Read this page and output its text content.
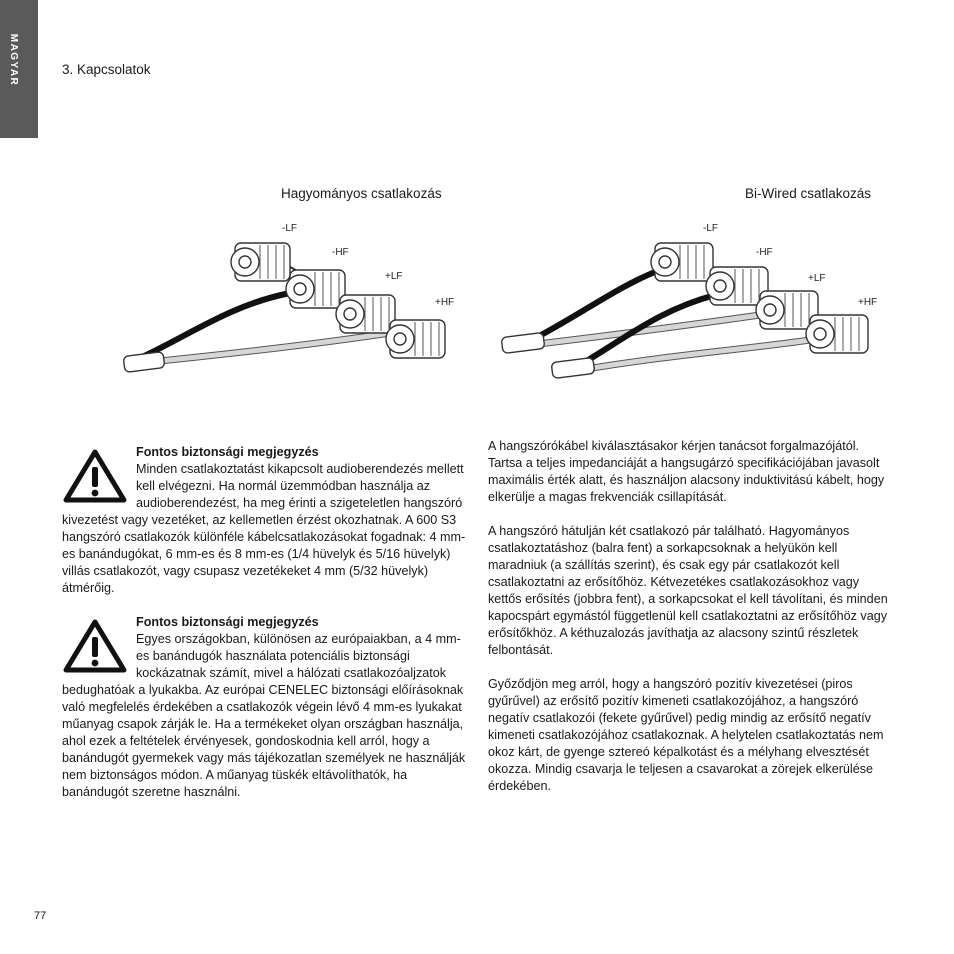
MAGYAR	3. Kapcsolatok
Hagyományos csatlakozás	Bi-Wired csatlakozás
-LF
-HF
+LF
+HF
-LF
-HF
+LF
+HF
Fontos biztonsági megjegyzés

Minden csatlakoztatást kikapcsolt audioberendezés mellett kell elvégezni. Ha normál üzemmódban használja az audioberendezést, ha meg érinti a szigeteletlen hangszóró kivezetést vagy vezetéket, az kellemetlen érzést okozhatnak. A 600 S3 hangszóró csatlakozók különféle kábelcsatlakozásokat fogadnak: 4 mm-es banándugókat, 6 mm-es és 8 mm-es (1/4 hüvelyk és 5/16 hüvelyk) villás csatlakozót, vagy csupasz vezetékeket 4 mm (5/32 hüvelyk) átmérőig.

Fontos biztonsági megjegyzés

Egyes országokban, különösen az európaiakban, a 4 mm-es banándugók használata potenciális biztonsági kockázatnak számít, mivel a hálózati csatlakozóaljzatok bedughatóak a lyukakba. Az európai CENELEC biztonsági előírásoknak való megfelelés érdekében a csatlakozók végein lévő 4 mm-es lyukakat műanyag csapok zárják le. Ha a termékeket olyan országban használja, ahol ezek a feltételek érvényesek, gondoskodnia kell arról, hogy a banándugót gyermekek vagy más tájékozatlan személyek ne használják nem biztonságos módon. A műanyag tüskék eltávolíthatók, ha banándugót szeretne használni.

A hangszórókábel kiválasztásakor kérjen tanácsot forgalmazójától. Tartsa a teljes impedanciáját a hangsugárzó specifikációjában javasolt maximális érték alatt, és használjon alacsony induktivitású kábelt, hogy elkerülje a magas frekvenciák csillapítását.

A hangszóró hátulján két csatlakozó pár található. Hagyományos csatlakoztatáshoz (balra fent) a sorkapcsoknak a helyükön kell maradniuk (a szállítás szerint), és csak egy pár csatlakozót kell csatlakoztatni az erősítőhöz. Kétvezetékes csatlakozásokhoz vagy kettős erősítés (jobbra fent), a sorkapcsokat el kell távolítani, és minden kapocspárt egymástól függetlenül kell csatlakoztatni az erősítőhöz vagy erősítőkhöz. A kéthuzalozás javíthatja az alacsony szintű részletek felbontását.

Győződjön meg arról, hogy a hangszóró pozitív kivezetései (piros gyűrűvel) az erősítő pozitív kimeneti csatlakozójához, a hangszóró negatív csatlakozói (fekete gyűrűvel) pedig mindig az erősítő negatív kimeneti csatlakozójához csatlakoznak. A helytelen csatlakoztatás nem okoz kárt, de gyenge sztereó képalkotást és a mélyhang elvesztését okozza. Mindig csavarja le teljesen a csavarokat a zörejek elkerülése érdekében.

77
